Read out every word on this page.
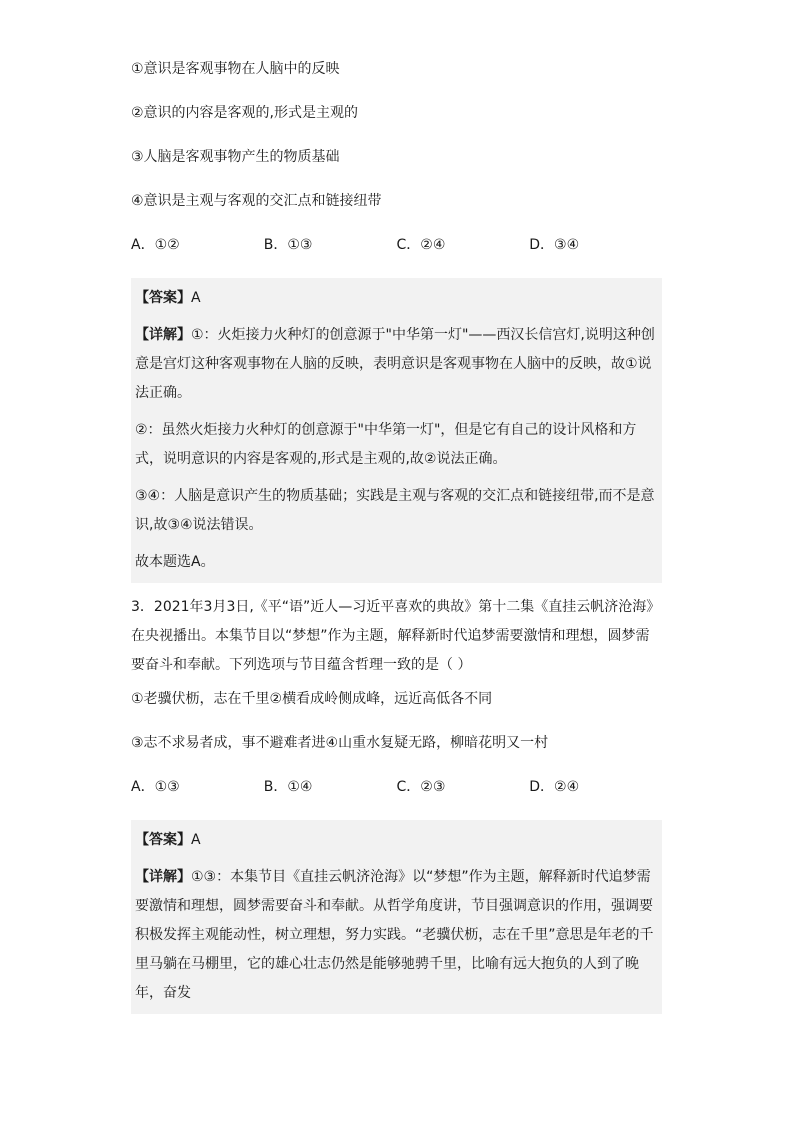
①意识是客观事物在人脑中的反映
②意识的内容是客观的,形式是主观的
③人脑是客观事物产生的物质基础
④意识是主观与客观的交汇点和链接纽带
A．①②	B．①③	C．②④	D．③④
【答案】A
【详解】①：火炬接力火种灯的创意源于"中华第一灯"——西汉长信宫灯,说明这种创意是宫灯这种客观事物在人脑的反映，表明意识是客观事物在人脑中的反映，故①说法正确。
②：虽然火炬接力火种灯的创意源于"中华第一灯"，但是它有自己的设计风格和方式，说明意识的内容是客观的,形式是主观的,故②说法正确。
③④：人脑是意识产生的物质基础；实践是主观与客观的交汇点和链接纽带,而不是意识,故③④说法错误。
故本题选A。
3．2021年3月3日,《平“语”近人—习近平喜欢的典故》第十二集《直挂云帆济沧海》在央视播出。本集节目以“梦想”作为主题，解释新时代追梦需要激情和理想，圆梦需要奋斗和奉献。下列选项与节目蕴含哲理一致的是（ ）
①老骥伏枥，志在千里②横看成岭侧成峰，远近高低各不同
③志不求易者成，事不避难者进④山重水复疑无路，柳暗花明又一村
A．①③	B．①④	C．②③	D．②④
【答案】A
【详解】①③：本集节目《直挂云帆济沧海》以“梦想”作为主题，解释新时代追梦需要激情和理想，圆梦需要奋斗和奉献。从哲学角度讲，节目强调意识的作用，强调要积极发挥主观能动性，树立理想，努力实践。“老骥伏枥，志在千里”意思是年老的千里马躺在马棚里，它的雄心壮志仍然是能够驰骋千里，比喻有远大抱负的人到了晚年，奋发
